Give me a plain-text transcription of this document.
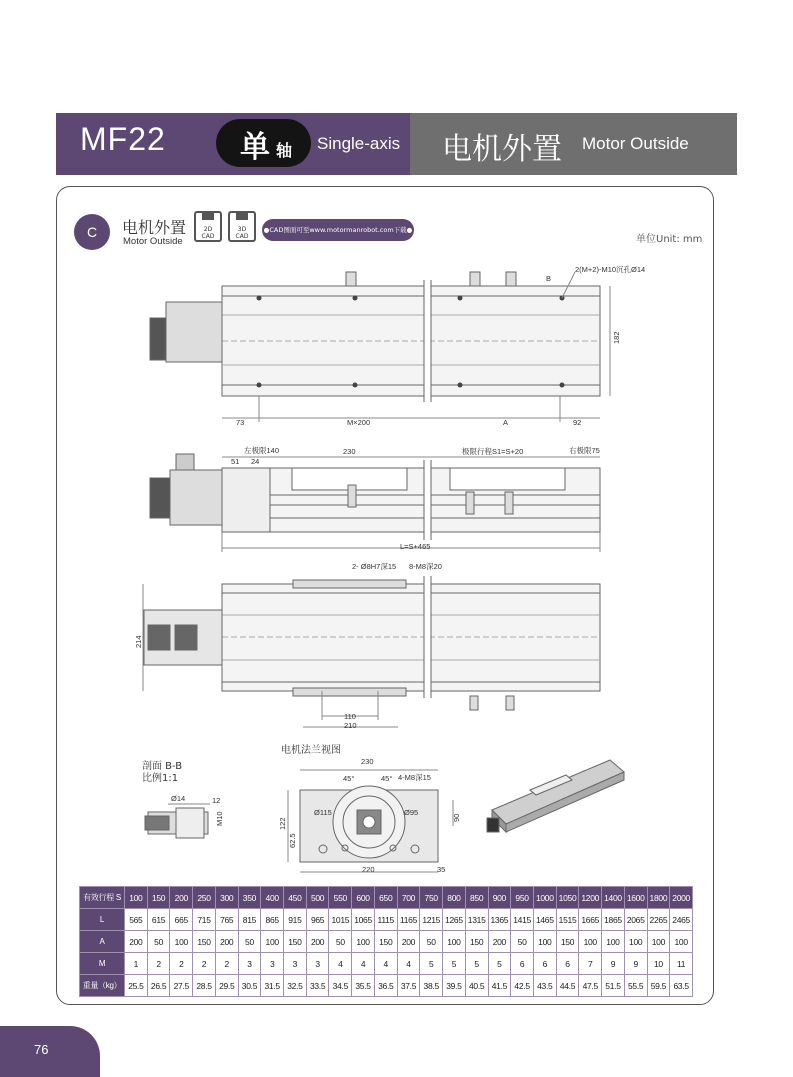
MF22 单 轴 Single-axis 电机外置 Motor Outside
C	电机外置
Motor Outside
2D CAD
3D CAD
●CAD图面可至www.motormanrobot.com下载●
单位Unit: mm
2(M+2)-M10沉孔Ø14
B
182
73	M×200	A	92
左极限140
51 24
230	极限行程S1=S+20	右极限75
L=S+465
2- Ø8H7深15 8-M8深20
214
110
210
剖面 B-B
比例1:1
Ø14	12
M10
电机法兰视图
230
45°	45° 4-M8深15
Ø115	Ø95
90
122
62.5
220	35
有效行程 S	100	150	200	250	300	350	400	450	500	550	600	650	700	750	800	850	900	950	1000	1050	1200	1400	1600	1800	2000
L	565	615	665	715	765	815	865	915	965	1015	1065	1115	1165	1215	1265	1315	1365	1415	1465	1515	1665	1865	2065	2265	2465
A	200	50	100	150	200	50	100	150	200	50	100	150	200	50	100	150	200	50	100	150	100	100	100	100	100
M	1	2	2	2	2	3	3	3	3	4	4	4	4	5	5	5	5	6	6	6	7	9	9	10	11
重量（kg）	25.5	26.5	27.5	28.5	29.5	30.5	31.5	32.5	33.5	34.5	35.5	36.5	37.5	38.5	39.5	40.5	41.5	42.5	43.5	44.5	47.5	51.5	55.5	59.5	63.5
76
